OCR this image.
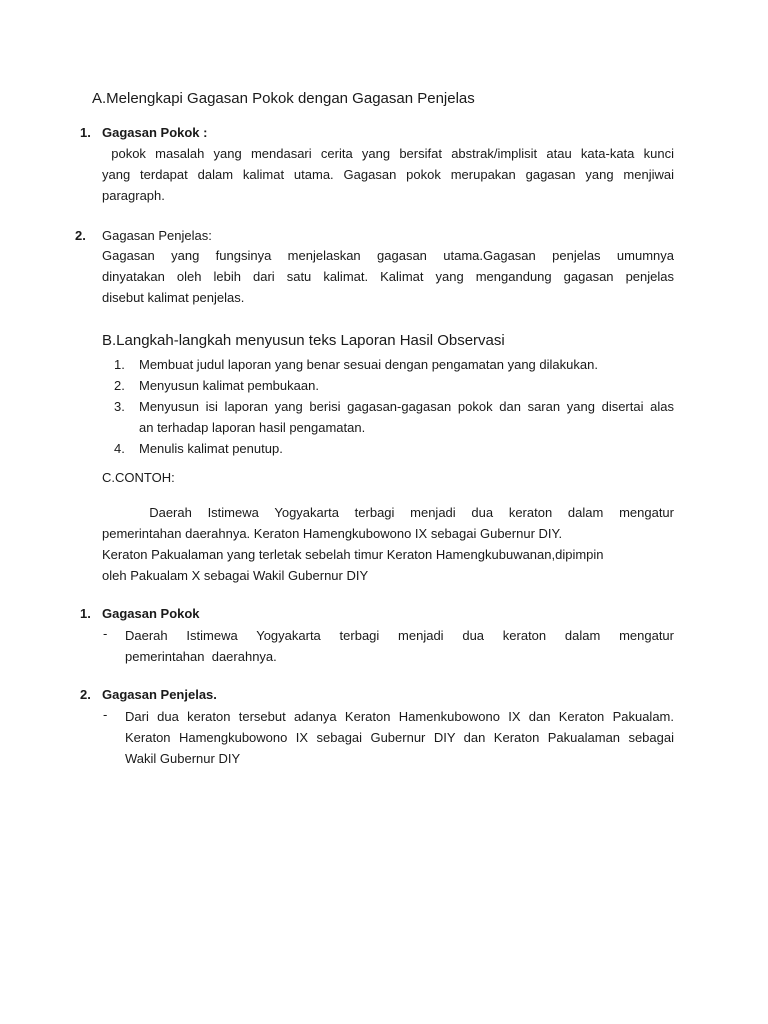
A.Melengkapi Gagasan Pokok dengan Gagasan Penjelas
1. Gagasan Pokok :
pokok masalah yang mendasari cerita yang bersifat abstrak/implisit atau kata-kata kunci
yang terdapat dalam kalimat utama. Gagasan pokok merupakan gagasan yang menjiwai
paragraph.
2. Gagasan Penjelas:
Gagasan yang fungsinya menjelaskan gagasan utama.Gagasan penjelas umumnya
dinyatakan oleh lebih dari satu kalimat. Kalimat yang mengandung gagasan penjelas
disebut kalimat penjelas.
B.Langkah-langkah menyusun teks Laporan Hasil Observasi
1.	Membuat judul laporan yang benar sesuai dengan pengamatan yang dilakukan.
2.	Menyusun kalimat pembukaan.
3.	Menyusun isi laporan yang berisi gagasan-gagasan pokok dan saran yang disertai alas
an terhadap laporan hasil pengamatan.
4.	Menulis kalimat penutup.
C.CONTOH:
Daerah Istimewa Yogyakarta terbagi menjadi dua keraton dalam mengatur
pemerintahan daerahnya. Keraton Hamengkubowono IX sebagai Gubernur DIY.
Keraton Pakualaman yang terletak sebelah timur Keraton Hamengkubuwanan,dipimpin
oleh Pakualam X sebagai Wakil Gubernur DIY
1. Gagasan Pokok
- Daerah Istimewa Yogyakarta terbagi menjadi dua keraton dalam mengatur
pemerintahan  daerahnya.
2. Gagasan Penjelas.
- Dari dua keraton tersebut adanya Keraton Hamenkubowono IX dan Keraton Pakualam.
Keraton Hamengkubowono IX sebagai Gubernur DIY dan Keraton Pakualaman sebagai
Wakil Gubernur DIY
